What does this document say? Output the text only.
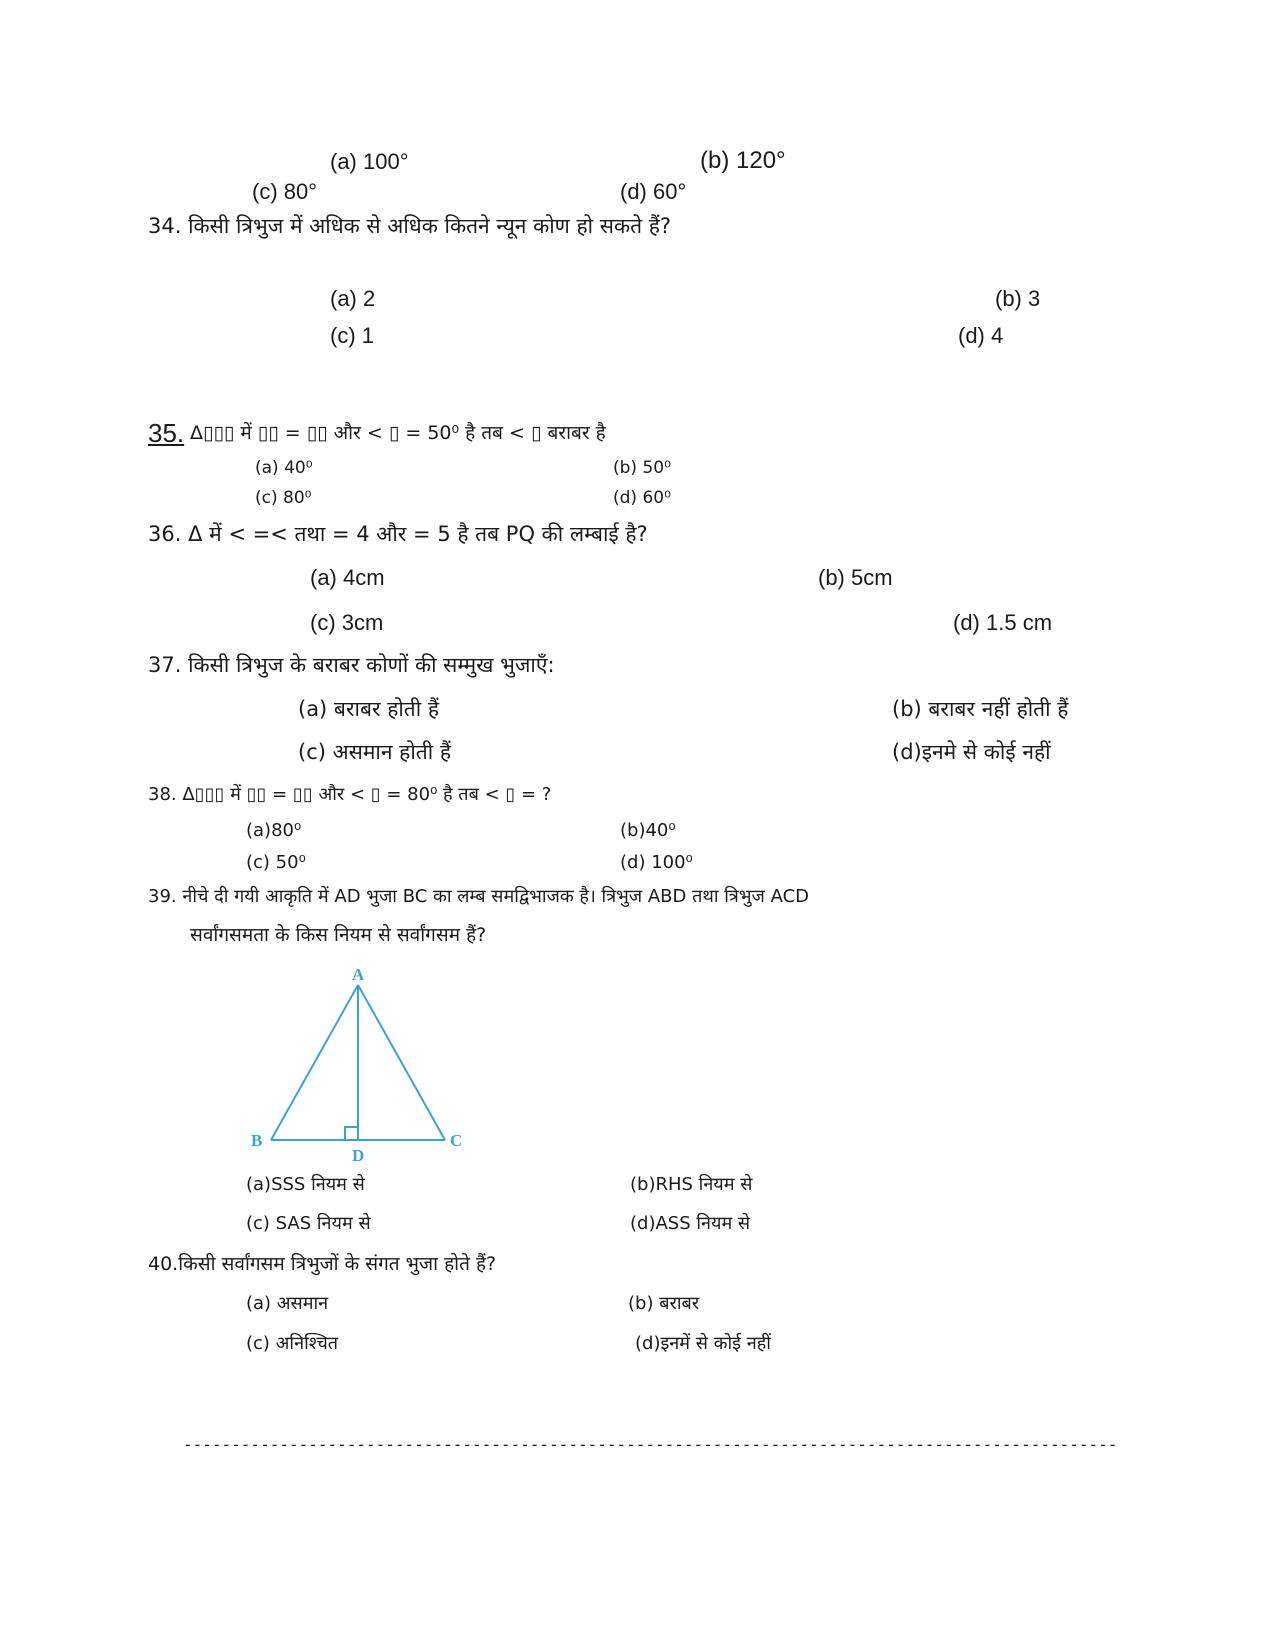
(a) 100°	(b) 120°
(c) 80°	(d) 60°
34. किसी त्रिभुज में अधिक से अधिक कितने न्यून कोण हो सकते हैं?
(a) 2	(b) 3
(c) 1	(d) 4
35. Δ▯▯▯ में ▯▯ = ▯▯ और < ▯ = 50⁰ है तब < ▯ बराबर है
(a) 40⁰	(b) 50⁰
(c) 80⁰	(d) 60⁰
36. Δ में < =< तथा = 4 और = 5 है तब PQ की लम्बाई है?
(a) 4cm	(b) 5cm
(c) 3cm	(d) 1.5 cm
37. किसी त्रिभुज के बराबर कोणों की सम्मुख भुजाएँ:
(a) बराबर होती हैं	(b) बराबर नहीं होती हैं
(c) असमान होती हैं	(d)इनमे से कोई नहीं
38. Δ▯▯▯ में ▯▯ = ▯▯ और < ▯ = 80⁰ है तब < ▯ = ?
(a)80⁰	(b)40⁰
(c) 50⁰	(d) 100⁰
39. नीचे दी गयी आकृति में AD भुजा BC का लम्ब समद्विभाजक है। त्रिभुज ABD तथा त्रिभुज ACD
सर्वांगसमता के किस नियम से सर्वांगसम हैं?
A
B	C
D
(a)SSS नियम से	(b)RHS नियम से
(c) SAS नियम से	(d)ASS नियम से
40.किसी सर्वांगसम त्रिभुजों के संगत भुजा होते हैं?
(a) असमान	(b) बराबर
(c) अनिश्चित	(d)इनमें से कोई नहीं
-------------------------------------------------------------------------------------------------
